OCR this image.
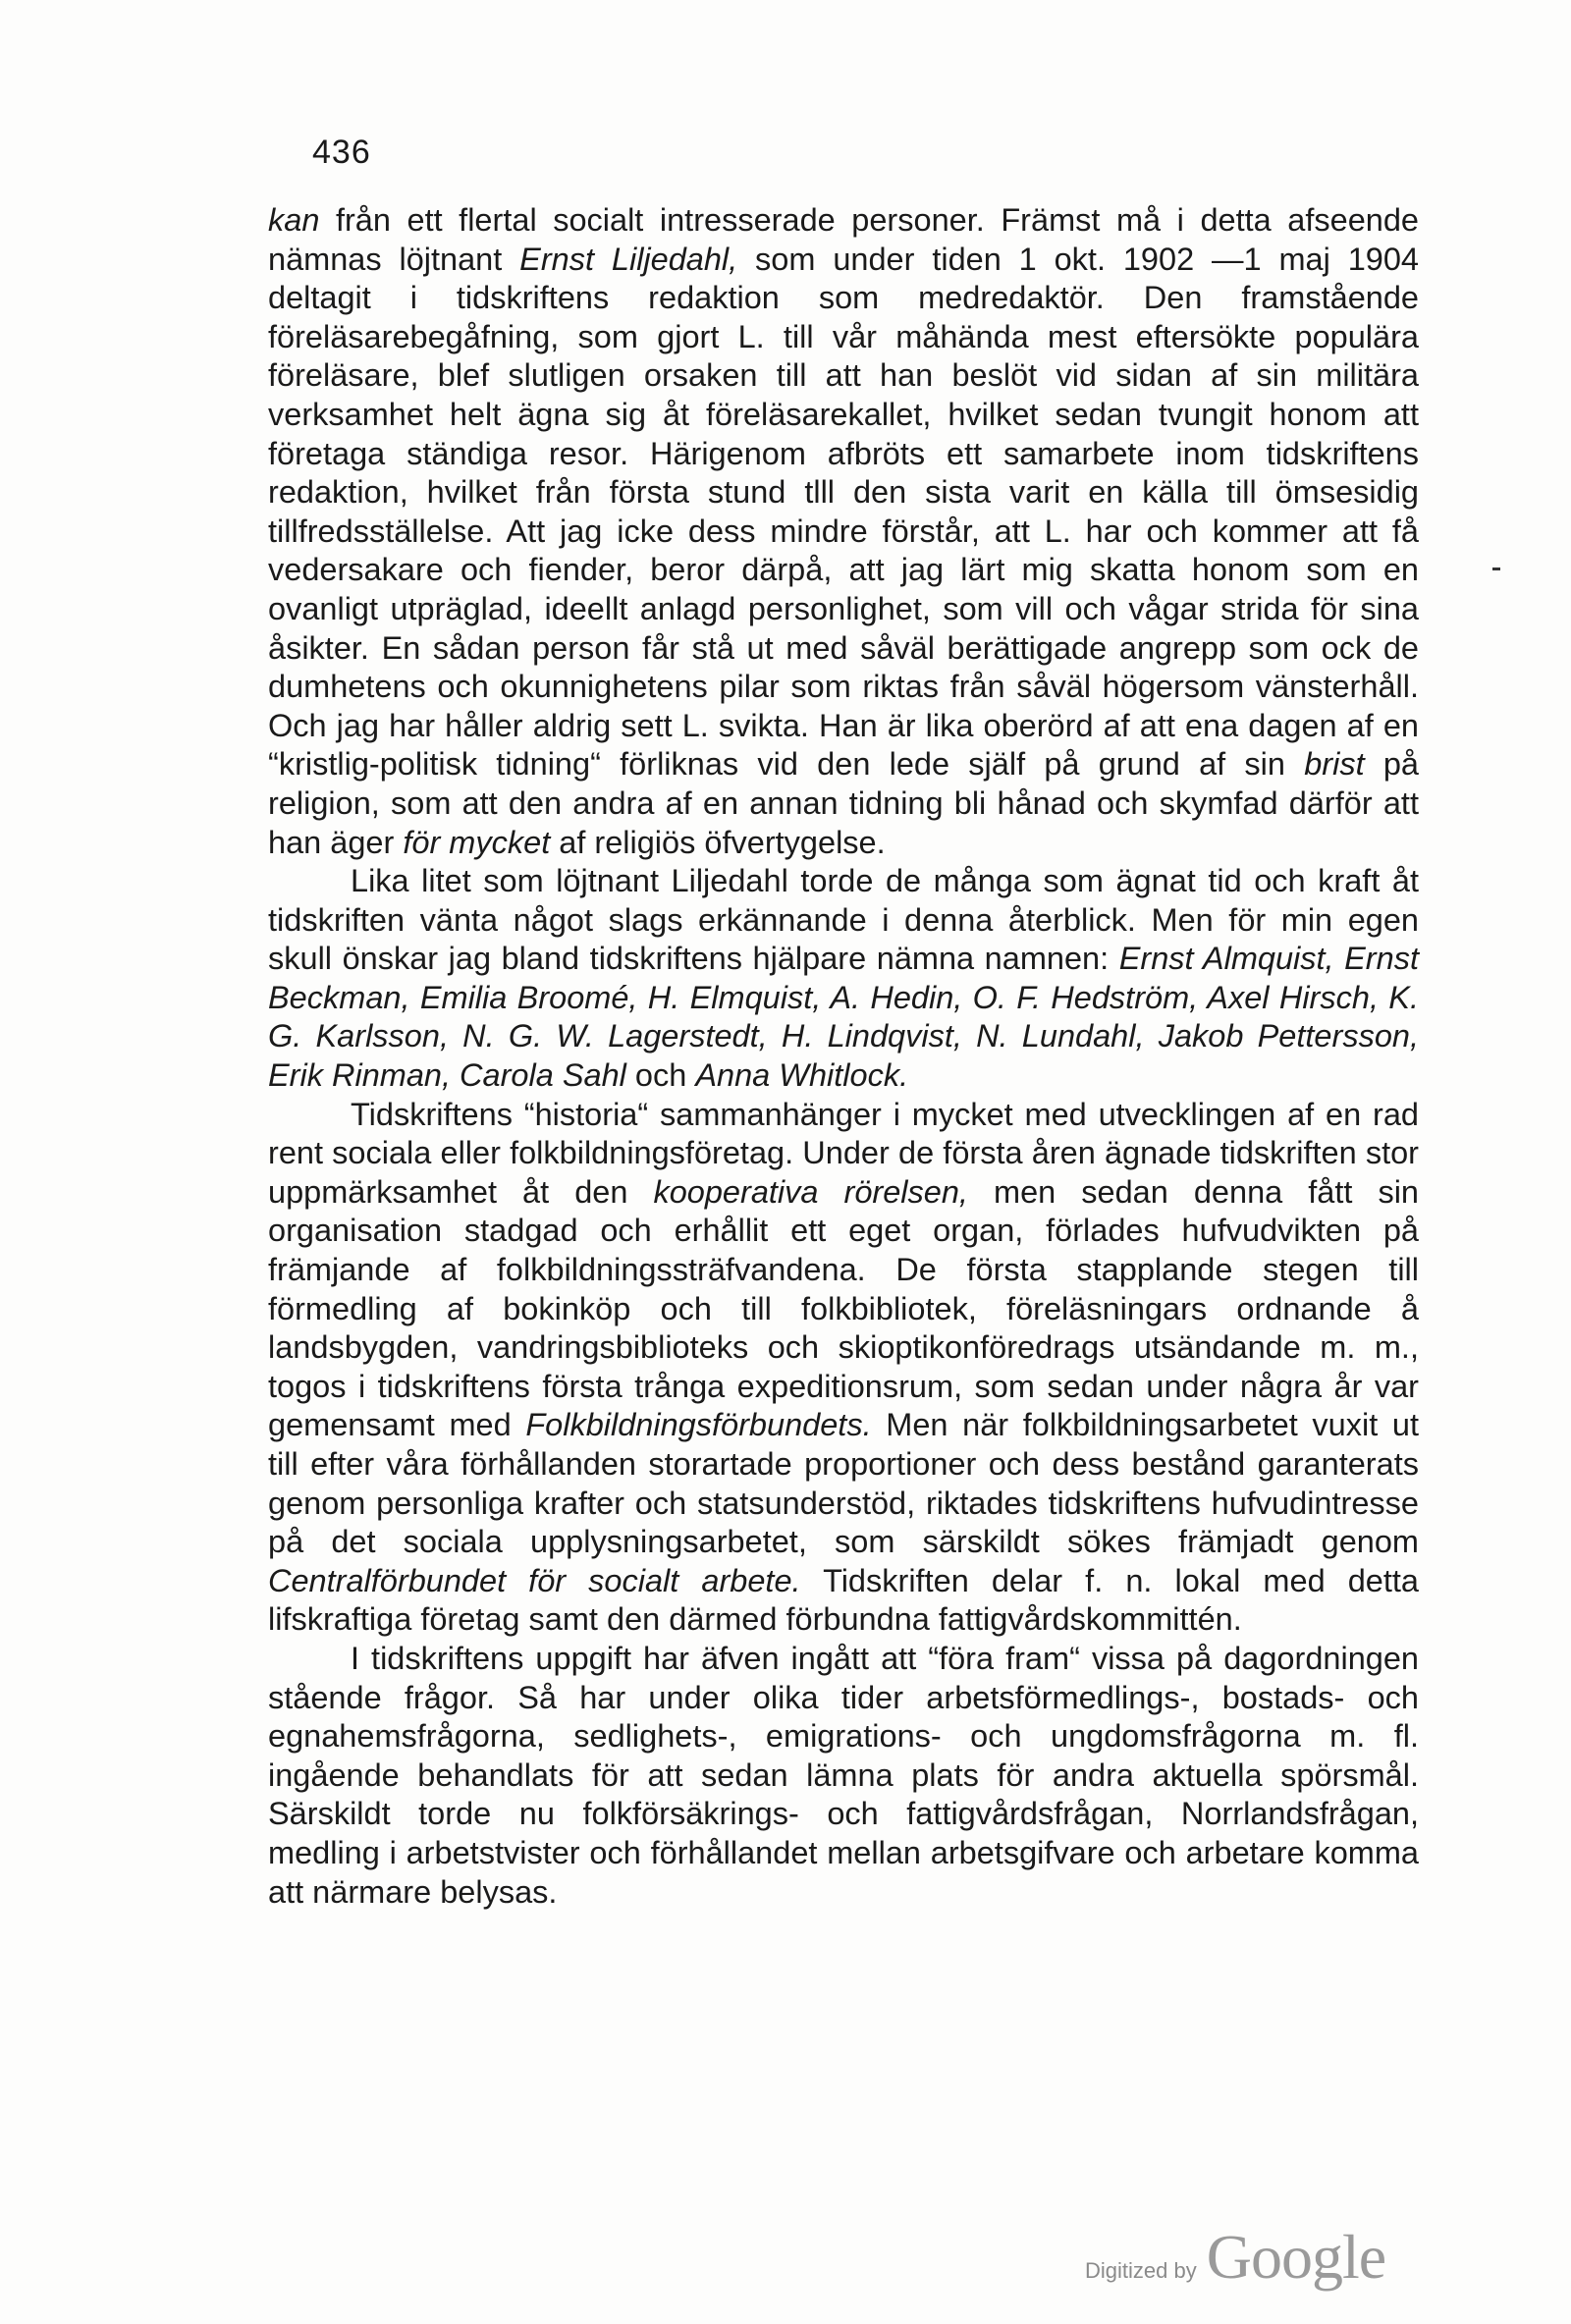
436

kan från ett flertal socialt intresserade personer. Främst må i detta afseende nämnas löjtnant Ernst Liljedahl, som under tiden 1 okt. 1902 —1 maj 1904 deltagit i tidskriftens redaktion som medredaktör. Den framstående föreläsarebegåfning, som gjort L. till vår måhända mest eftersökte populära föreläsare, blef slutligen orsaken till att han beslöt vid sidan af sin militära verksamhet helt ägna sig åt föreläsarekallet, hvilket sedan tvungit honom att företaga ständiga resor. Härigenom afbröts ett samarbete inom tidskriftens redaktion, hvilket från första stund tlll den sista varit en källa till ömsesidig tillfredsställelse. Att jag icke dess mindre förstår, att L. har och kommer att få vedersakare och fiender, beror därpå, att jag lärt mig skatta honom som en ovanligt utpräglad, ideellt anlagd personlighet, som vill och vågar strida för sina åsikter. En sådan person får stå ut med såväl berättigade angrepp som ock de dumhetens och okunnighetens pilar som riktas från såväl högersom vänsterhåll. Och jag har håller aldrig sett L. svikta. Han är lika oberörd af att ena dagen af en “kristlig-politisk tidning“ förliknas vid den lede själf på grund af sin brist på religion, som att den andra af en annan tidning bli hånad och skymfad därför att han äger för mycket af religiös öfvertygelse.

Lika litet som löjtnant Liljedahl torde de många som ägnat tid och kraft åt tidskriften vänta något slags erkännande i denna återblick. Men för min egen skull önskar jag bland tidskriftens hjälpare nämna namnen: Ernst Almquist, Ernst Beckman, Emilia Broomé, H. Elmquist, A. Hedin, O. F. Hedström, Axel Hirsch, K. G. Karlsson, N. G. W. Lagerstedt, H. Lindqvist, N. Lundahl, Jakob Pettersson, Erik Rinman, Carola Sahl och Anna Whitlock.

Tidskriftens “historia“ sammanhänger i mycket med utvecklingen af en rad rent sociala eller folkbildningsföretag. Under de första åren ägnade tidskriften stor uppmärksamhet åt den kooperativa rörelsen, men sedan denna fått sin organisation stadgad och erhållit ett eget organ, förlades hufvudvikten på främjande af folkbildningssträfvandena. De första stapplande stegen till förmedling af bokinköp och till folkbibliotek, föreläsningars ordnande å landsbygden, vandringsbiblioteks och skioptikonföredrags utsändande m. m., togos i tidskriftens första trånga expeditionsrum, som sedan under några år var gemensamt med Folkbildningsförbundets. Men när folkbildningsarbetet vuxit ut till efter våra förhållanden storartade proportioner och dess bestånd garanterats genom personliga krafter och statsunderstöd, riktades tidskriftens hufvudintresse på det sociala upplysningsarbetet, som särskildt sökes främjadt genom Centralförbundet för socialt arbete. Tidskriften delar f. n. lokal med detta lifskraftiga företag samt den därmed förbundna fattigvårdskommittén.

I tidskriftens uppgift har äfven ingått att “föra fram“ vissa på dagordningen stående frågor. Så har under olika tider arbetsförmedlings-, bostads- och egnahemsfrågorna, sedlighets-, emigrations- och ungdomsfrågorna m. fl. ingående behandlats för att sedan lämna plats för andra aktuella spörsmål. Särskildt torde nu folkförsäkrings- och fattigvårdsfrågan, Norrlandsfrågan, medling i arbetstvister och förhållandet mellan arbetsgifvare och arbetare komma att närmare belysas.

Digitized by Google
